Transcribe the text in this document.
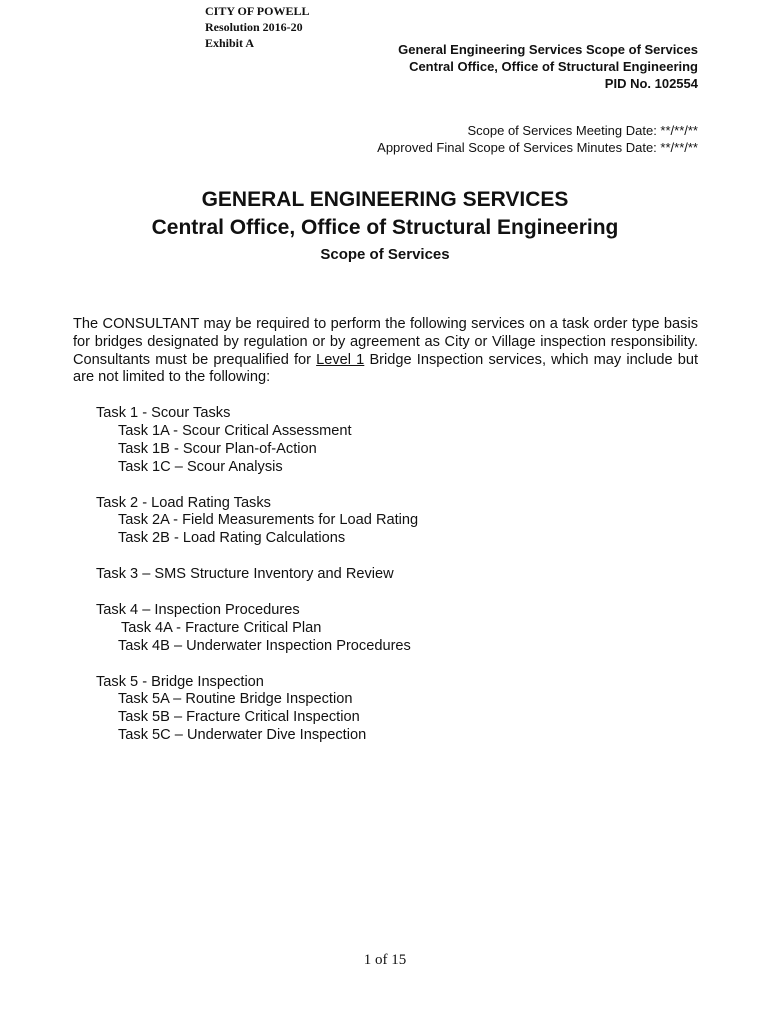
CITY OF POWELL
Resolution 2016-20
Exhibit A	General Engineering Services Scope of Services
Central Office, Office of Structural Engineering
PID No. 102554
Scope of Services Meeting Date: **/**/**
Approved Final Scope of Services Minutes Date: **/**/**
GENERAL ENGINEERING SERVICES
Central Office, Office of Structural Engineering
Scope of Services

The CONSULTANT may be required to perform the following services on a task order type basis for bridges designated by regulation or by agreement as City or Village inspection responsibility. Consultants must be prequalified for Level 1 Bridge Inspection services, which may include but are not limited to the following:

Task 1 - Scour Tasks
Task 1A - Scour Critical Assessment
Task 1B - Scour Plan-of-Action
Task 1C – Scour Analysis
Task 2 - Load Rating Tasks
Task 2A - Field Measurements for Load Rating
Task 2B - Load Rating Calculations
Task 3 – SMS Structure Inventory and Review
Task 4 – Inspection Procedures
Task 4A - Fracture Critical Plan
Task 4B – Underwater Inspection Procedures
Task 5 - Bridge Inspection
Task 5A – Routine Bridge Inspection
Task 5B – Fracture Critical Inspection
Task 5C – Underwater Dive Inspection
1 of 15
